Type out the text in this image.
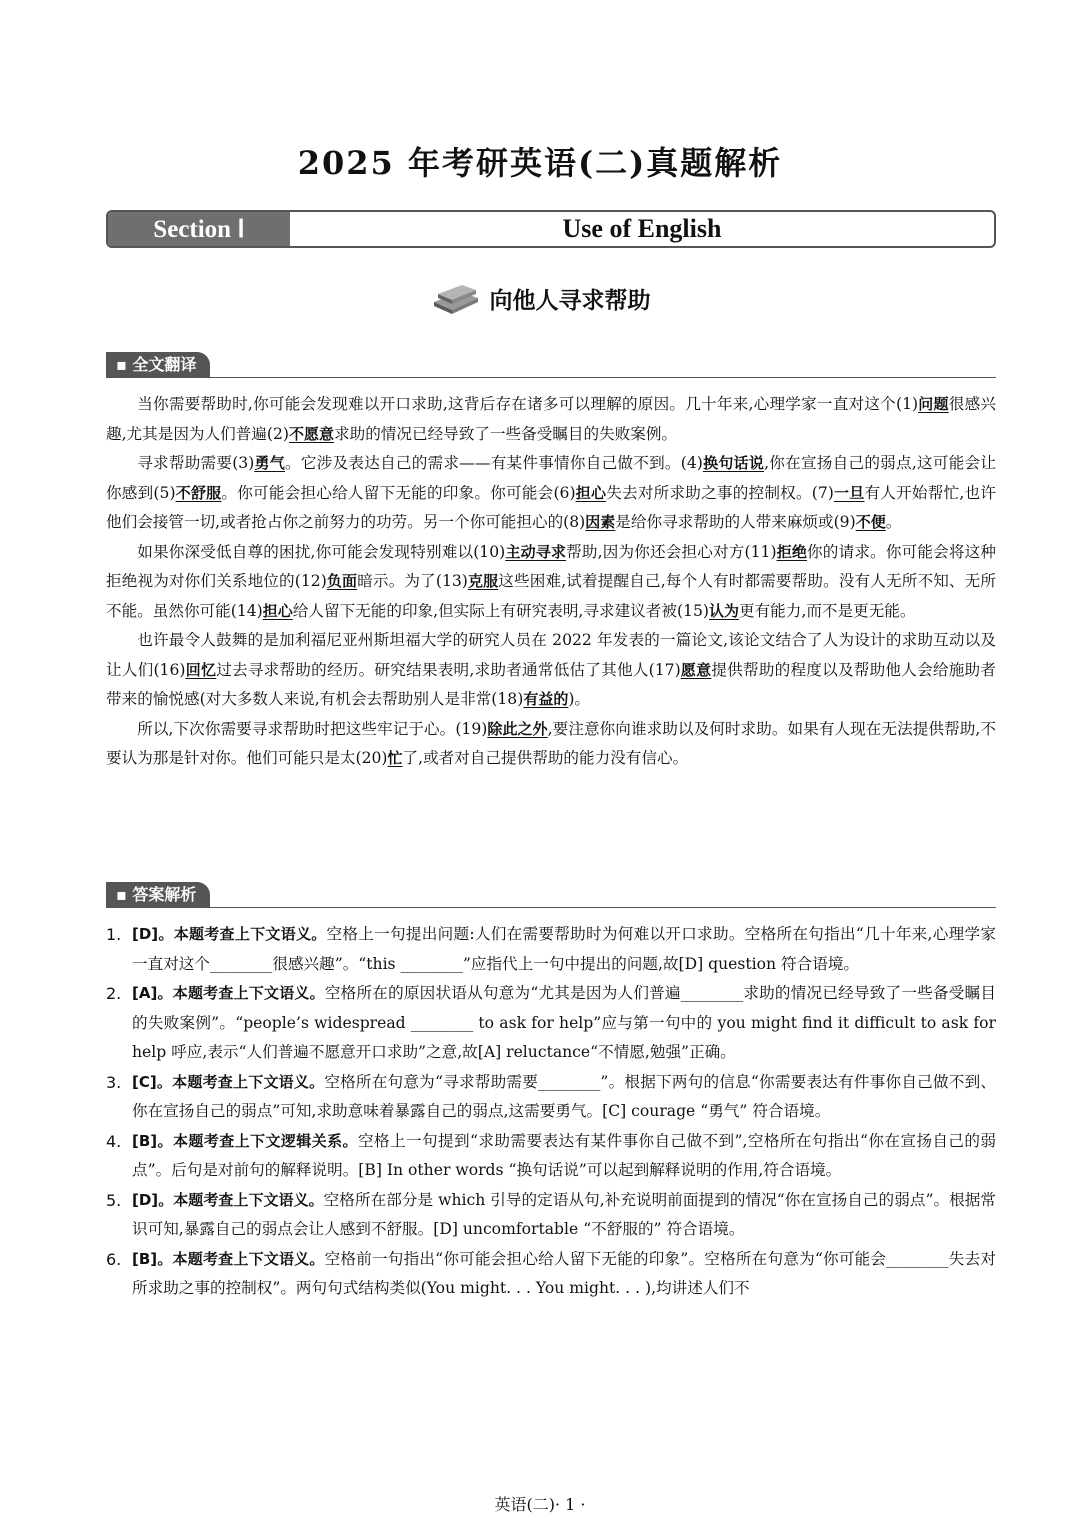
2025 年考研英语(二)真题解析
Section Ⅰ	Use of English
向他人寻求帮助
▪ 全文翻译

当你需要帮助时,你可能会发现难以开口求助,这背后存在诸多可以理解的原因。几十年来,心理学家一直对这个(1)问题很感兴趣,尤其是因为人们普遍(2)不愿意求助的情况已经导致了一些备受瞩目的失败案例。

寻求帮助需要(3)勇气。它涉及表达自己的需求——有某件事情你自己做不到。(4)换句话说,你在宣扬自己的弱点,这可能会让你感到(5)不舒服。你可能会担心给人留下无能的印象。你可能会(6)担心失去对所求助之事的控制权。(7)一旦有人开始帮忙,也许他们会接管一切,或者抢占你之前努力的功劳。另一个你可能担心的(8)因素是给你寻求帮助的人带来麻烦或(9)不便。

如果你深受低自尊的困扰,你可能会发现特别难以(10)主动寻求帮助,因为你还会担心对方(11)拒绝你的请求。你可能会将这种拒绝视为对你们关系地位的(12)负面暗示。为了(13)克服这些困难,试着提醒自己,每个人有时都需要帮助。没有人无所不知、无所不能。虽然你可能(14)担心给人留下无能的印象,但实际上有研究表明,寻求建议者被(15)认为更有能力,而不是更无能。

也许最令人鼓舞的是加利福尼亚州斯坦福大学的研究人员在 2022 年发表的一篇论文,该论文结合了人为设计的求助互动以及让人们(16)回忆过去寻求帮助的经历。研究结果表明,求助者通常低估了其他人(17)愿意提供帮助的程度以及帮助他人会给施助者带来的愉悦感(对大多数人来说,有机会去帮助别人是非常(18)有益的)。

所以,下次你需要寻求帮助时把这些牢记于心。(19)除此之外,要注意你向谁求助以及何时求助。如果有人现在无法提供帮助,不要认为那是针对你。他们可能只是太(20)忙了,或者对自己提供帮助的能力没有信心。

▪ 答案解析
1. [D]。本题考查上下文语义。空格上一句提出问题:人们在需要帮助时为何难以开口求助。空格所在句指出“几十年来,心理学家一直对这个________很感兴趣”。“this ________”应指代上一句中提出的问题,故[D] question 符合语境。
2. [A]。本题考查上下文语义。空格所在的原因状语从句意为“尤其是因为人们普遍________求助的情况已经导致了一些备受瞩目的失败案例”。“people’s widespread ________ to ask for help”应与第一句中的 you might find it difficult to ask for help 呼应,表示“人们普遍不愿意开口求助”之意,故[A] reluctance“不情愿,勉强”正确。
3. [C]。本题考查上下文语义。空格所在句意为“寻求帮助需要________”。根据下两句的信息“你需要表达有件事你自己做不到、你在宣扬自己的弱点”可知,求助意味着暴露自己的弱点,这需要勇气。[C] courage “勇气” 符合语境。
4. [B]。本题考查上下文逻辑关系。空格上一句提到“求助需要表达有某件事你自己做不到”,空格所在句指出“你在宣扬自己的弱点”。后句是对前句的解释说明。[B] In other words “换句话说”可以起到解释说明的作用,符合语境。
5. [D]。本题考查上下文语义。空格所在部分是 which 引导的定语从句,补充说明前面提到的情况“你在宣扬自己的弱点”。根据常识可知,暴露自己的弱点会让人感到不舒服。[D] uncomfortable “不舒服的” 符合语境。
6. [B]。本题考查上下文语义。空格前一句指出“你可能会担心给人留下无能的印象”。空格所在句意为“你可能会________失去对所求助之事的控制权”。两句句式结构类似(You might. . . You might. . . ),均讲述人们不
英语(二)· 1 ·
